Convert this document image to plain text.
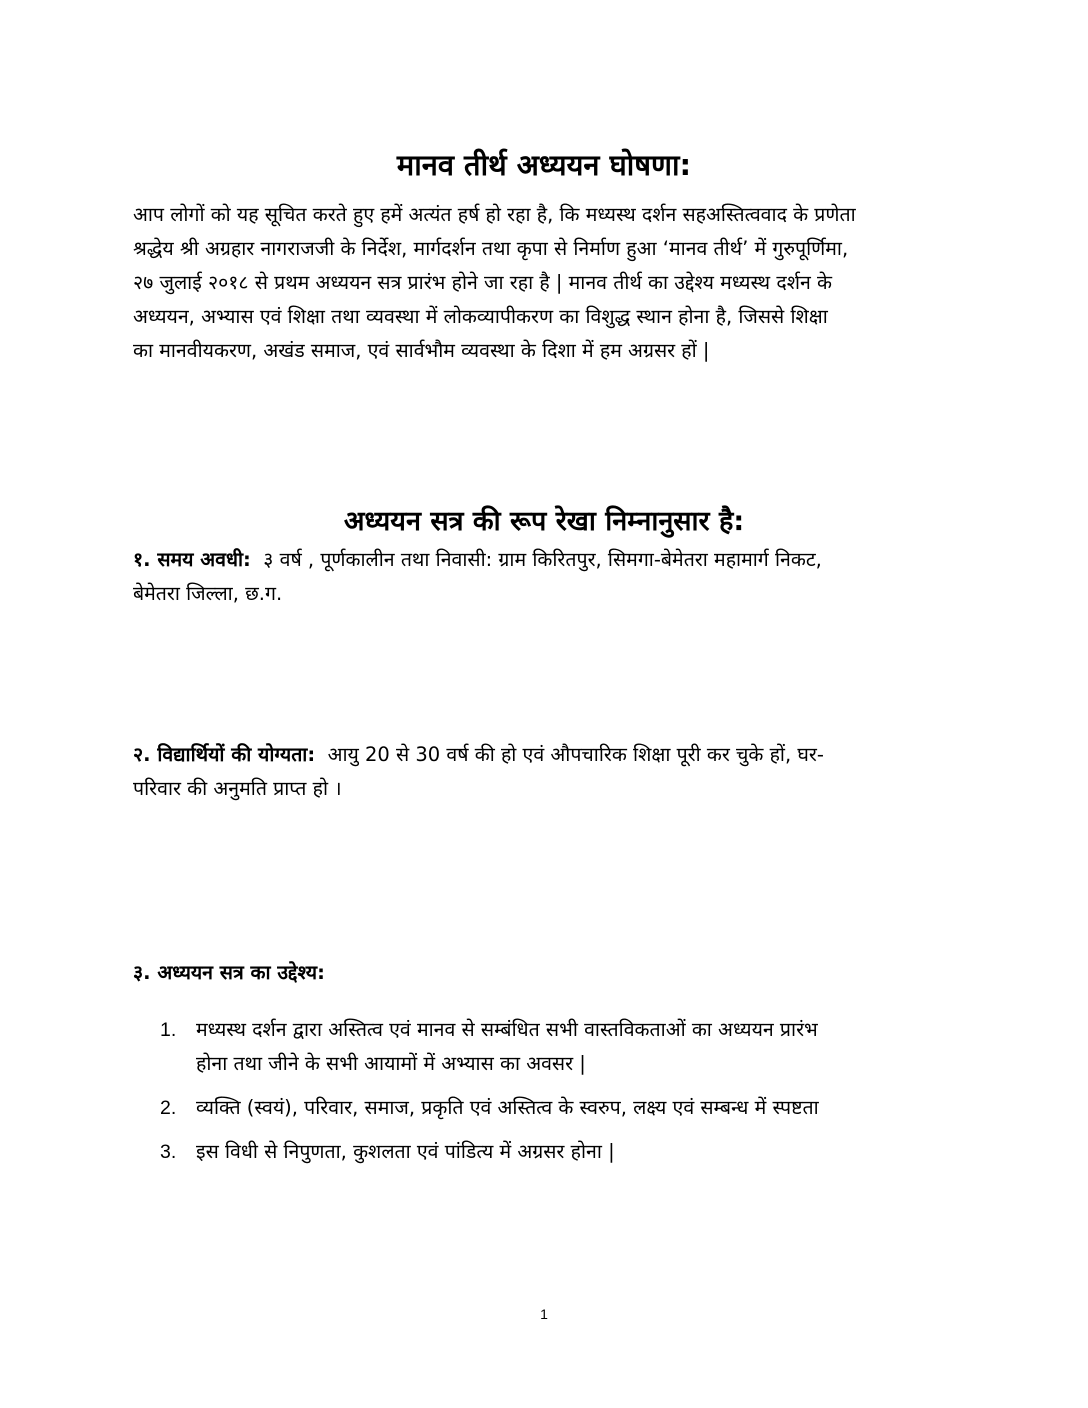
मानव तीर्थ अध्ययन घोषणा:
आप लोगों को यह सूचित करते हुए हमें अत्यंत हर्ष हो रहा है, कि मध्यस्थ दर्शन सहअस्तित्ववाद के प्रणेता
श्रद्धेय श्री अग्रहार नागराजजी के निर्देश, मार्गदर्शन तथा कृपा से निर्माण हुआ ‘मानव तीर्थ’ में गुरुपूर्णिमा,
२७ जुलाई २०१८ से प्रथम अध्ययन सत्र प्रारंभ होने जा रहा है | मानव तीर्थ का उद्देश्य मध्यस्थ दर्शन के
अध्ययन, अभ्यास एवं शिक्षा तथा व्यवस्था में लोकव्यापीकरण का विशुद्ध स्थान होना है, जिससे शिक्षा
का मानवीयकरण, अखंड समाज, एवं सार्वभौम व्यवस्था के दिशा में हम अग्रसर हों |
अध्ययन सत्र की रूप रेखा निम्नानुसार है:
१. समय अवधी: ३ वर्ष , पूर्णकालीन तथा निवासी: ग्राम किरितपुर, सिमगा-बेमेतरा महामार्ग निकट,
बेमेतरा जिल्ला, छ.ग.
२. विद्यार्थियों की योग्यता: आयु 20 से 30 वर्ष की हो एवं औपचारिक शिक्षा पूरी कर चुके हों, घर-
परिवार की अनुमति प्राप्त हो ।
३. अध्ययन सत्र का उद्देश्य:
1. मध्यस्थ दर्शन द्वारा अस्तित्व एवं मानव से सम्बंधित सभी वास्तविकताओं का अध्ययन प्रारंभ
होना तथा जीने के सभी आयामों में अभ्यास का अवसर |
2. व्यक्ति (स्वयं), परिवार, समाज, प्रकृति एवं अस्तित्व के स्वरुप, लक्ष्य एवं सम्बन्ध में स्पष्टता
3. इस विधी से निपुणता, कुशलता एवं पांडित्य में अग्रसर होना |
1
